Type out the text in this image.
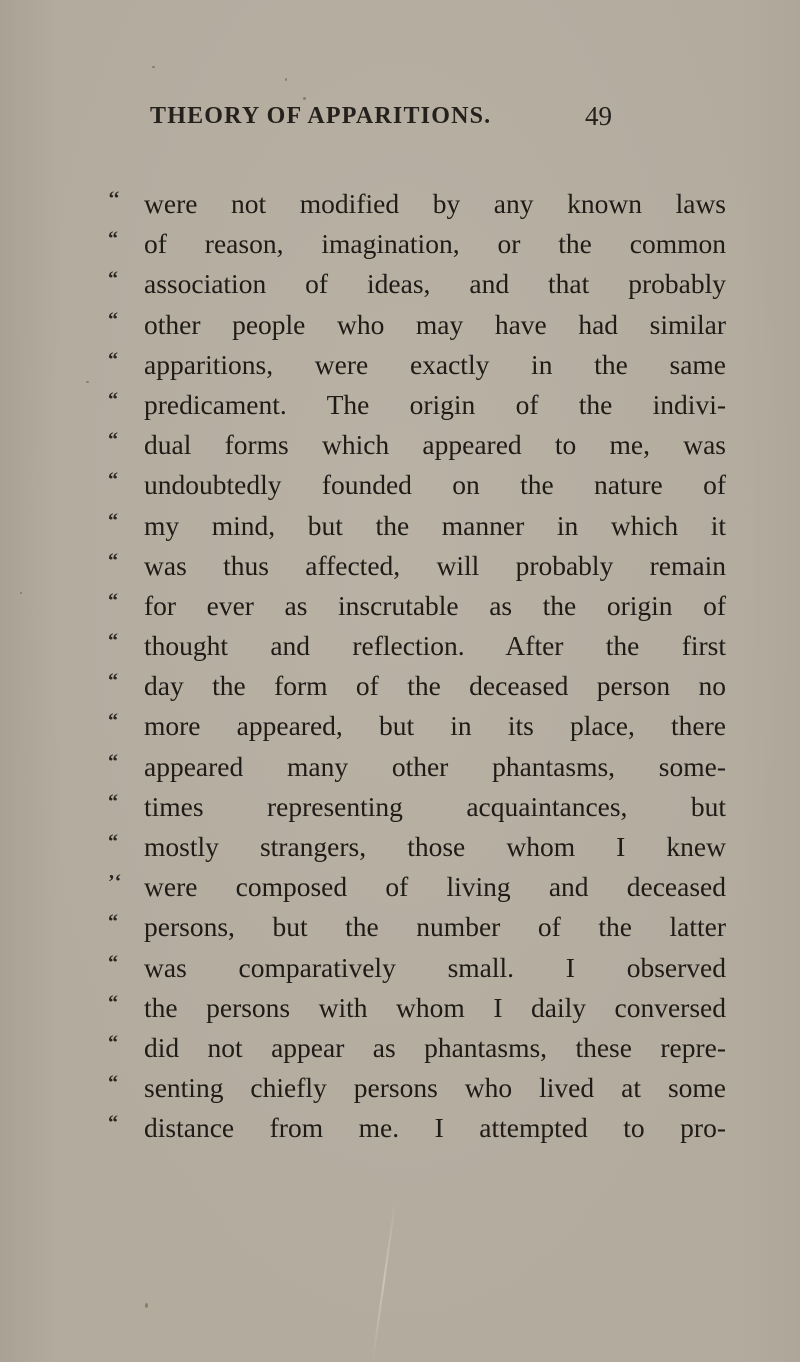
THEORY OF APPARITIONS.	49
‘‘ were not modified by any known laws
“ of reason, imagination, or the common
“ association of ideas, and that probably
“ other people who may have had similar
“ apparitions, were exactly in the same
“ predicament. The origin of the indivi-
“ dual forms which appeared to me, was
“ undoubtedly founded on the nature of
“ my mind, but the manner in which it
“ was thus affected, will probably remain
“ for ever as inscrutable as the origin of
“ thought and reflection. After the first
“ day the form of the deceased person no
“ more appeared, but in its place, there
“ appeared many other phantasms, some-
“ times representing acquaintances, but
“ mostly strangers, those whom I knew
’‘ were composed of living and deceased
“ persons, but the number of the latter
“ was comparatively small. I observed
“ the persons with whom I daily conversed
“ did not appear as phantasms, these repre-
“ senting chiefly persons who lived at some
“ distance from me. I attempted to pro-
